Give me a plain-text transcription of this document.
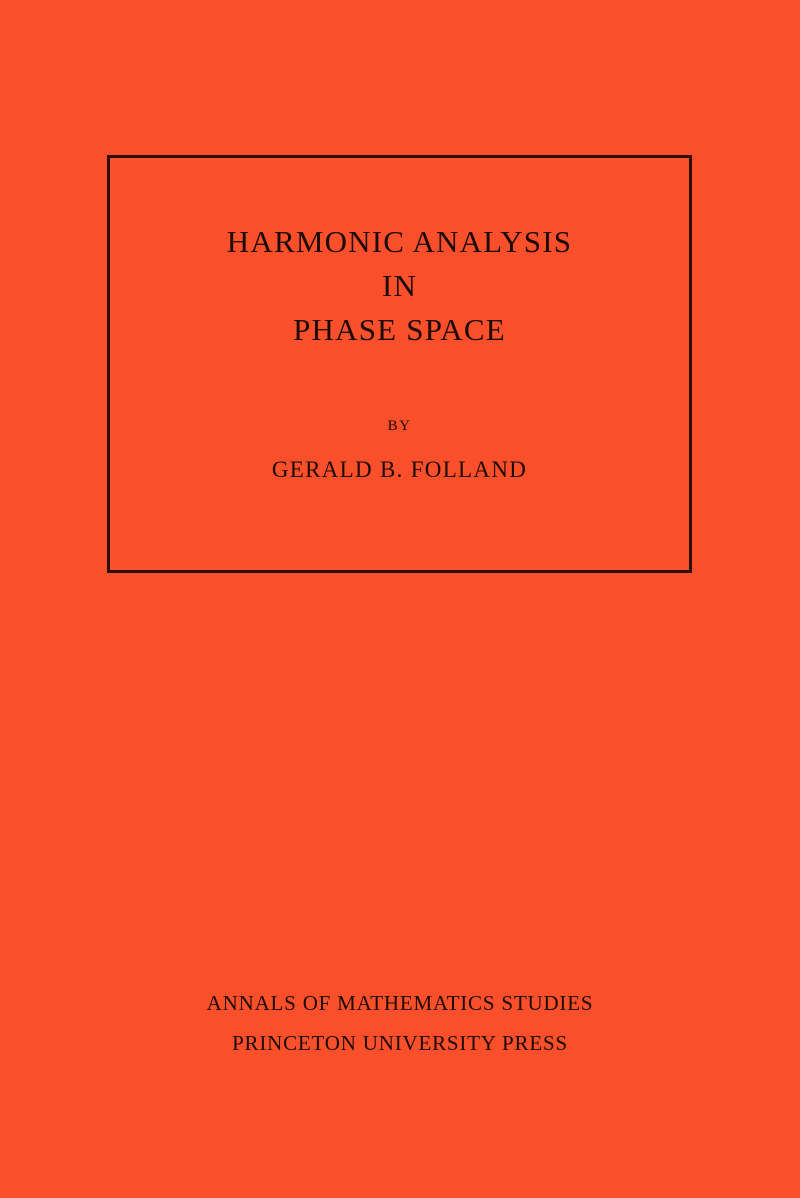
HARMONIC ANALYSIS
IN
PHASE SPACE
BY
GERALD B. FOLLAND
ANNALS OF MATHEMATICS STUDIES
PRINCETON UNIVERSITY PRESS
